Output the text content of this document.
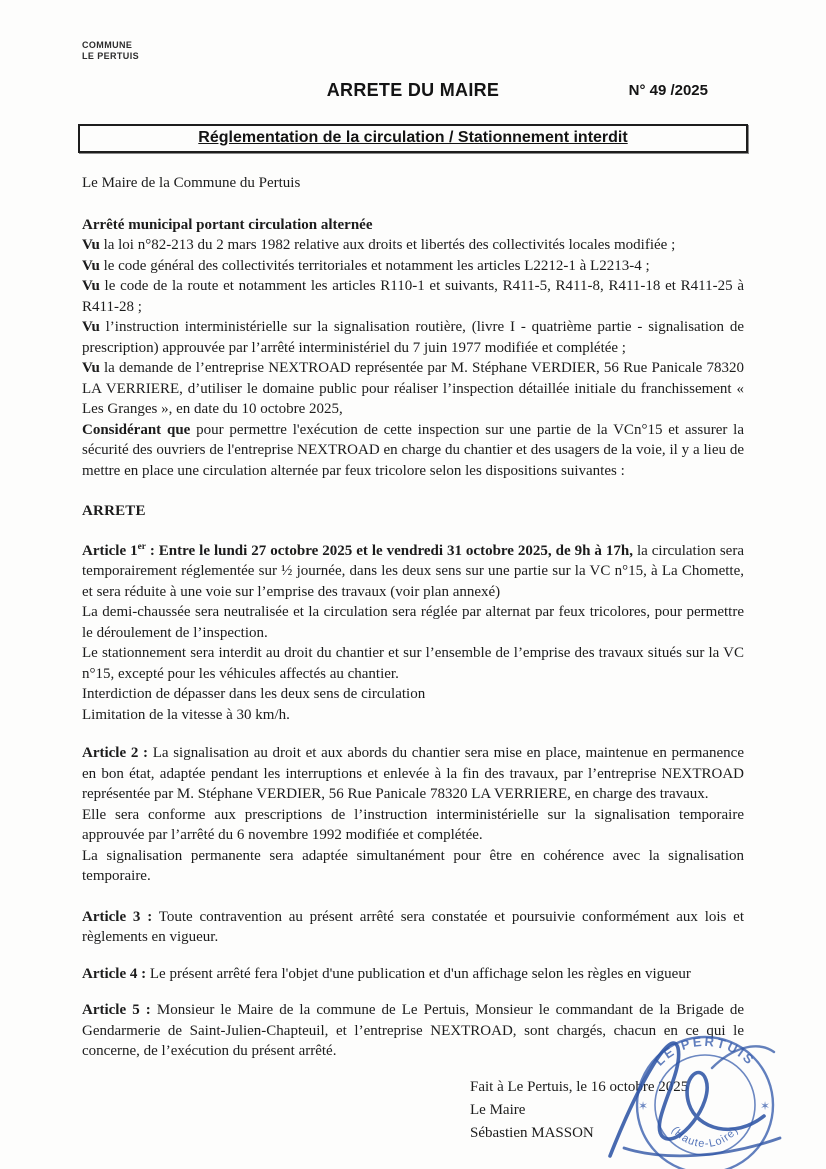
COMMUNE
LE PERTUIS
ARRETE DU MAIRE	N° 49 /2025
Réglementation de la circulation / Stationnement interdit

Le Maire de la Commune du Pertuis

Arrêté municipal portant circulation alternée

Vu la loi n°82-213 du 2 mars 1982 relative aux droits et libertés des collectivités locales modifiée ;

Vu le code général des collectivités territoriales et notamment les articles L2212-1 à L2213-4 ;

Vu le code de la route et notamment les articles R110-1 et suivants, R411-5, R411-8, R411-18 et R411-25 à R411-28 ;

Vu l’instruction interministérielle sur la signalisation routière, (livre I - quatrième partie - signalisation de prescription) approuvée par l’arrêté interministériel du 7 juin 1977 modifiée et complétée ;

Vu la demande de l’entreprise NEXTROAD représentée par M. Stéphane VERDIER, 56 Rue Panicale 78320 LA VERRIERE, d’utiliser le domaine public pour réaliser l’inspection détaillée initiale du franchissement « Les Granges », en date du 10 octobre 2025,

Considérant que pour permettre l'exécution de cette inspection sur une partie de la VCn°15 et assurer la sécurité des ouvriers de l'entreprise NEXTROAD en charge du chantier et des usagers de la voie, il y a lieu de mettre en place une circulation alternée par feux tricolore selon les dispositions suivantes :

ARRETE

Article 1er : Entre le lundi 27 octobre 2025 et le vendredi 31 octobre 2025, de 9h à 17h, la circulation sera temporairement réglementée sur ½ journée, dans les deux sens sur une partie sur la VC n°15, à La Chomette, et sera réduite à une voie sur l’emprise des travaux (voir plan annexé)

La demi-chaussée sera neutralisée et la circulation sera réglée par alternat par feux tricolores, pour permettre le déroulement de l’inspection.

Le stationnement sera interdit au droit du chantier et sur l’ensemble de l’emprise des travaux situés sur la VC n°15, excepté pour les véhicules affectés au chantier.

Interdiction de dépasser dans les deux sens de circulation

Limitation de la vitesse à 30 km/h.

Article 2 : La signalisation au droit et aux abords du chantier sera mise en place, maintenue en permanence en bon état, adaptée pendant les interruptions et enlevée à la fin des travaux, par l’entreprise NEXTROAD représentée par M. Stéphane VERDIER, 56 Rue Panicale 78320 LA VERRIERE, en charge des travaux.

Elle sera conforme aux prescriptions de l’instruction interministérielle sur la signalisation temporaire approuvée par l’arrêté du 6 novembre 1992 modifiée et complétée.

La signalisation permanente sera adaptée simultanément pour être en cohérence avec la signalisation temporaire.

Article 3 : Toute contravention au présent arrêté sera constatée et poursuivie conformément aux lois et règlements en vigueur.

Article 4 : Le présent arrêté fera l'objet d'une publication et d'un affichage selon les règles en vigueur

Article 5 : Monsieur le Maire de la commune de Le Pertuis, Monsieur le commandant de la Brigade de Gendarmerie de Saint-Julien-Chapteuil, et l’entreprise NEXTROAD, sont chargés, chacun en ce qui le concerne, de l’exécution du présent arrêté.

Fait à Le Pertuis, le 16 octobre 2025
Le Maire
Sébastien MASSON
LE PERTUIS
(Haute-Loire)
✶	✶
